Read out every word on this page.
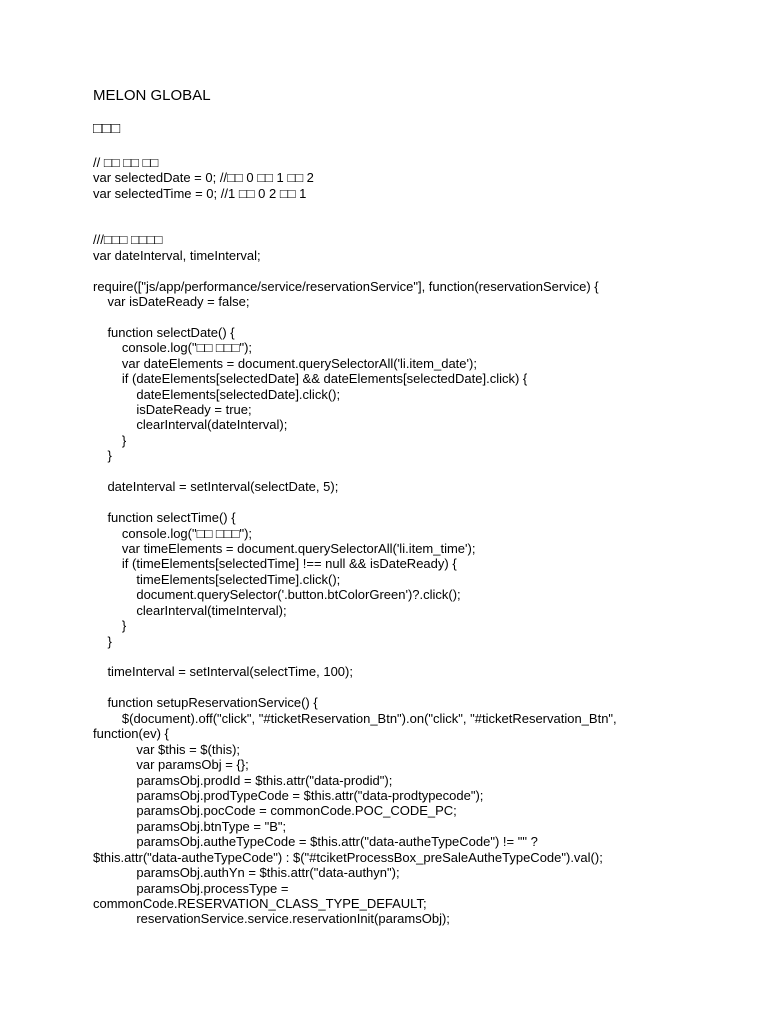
MELON GLOBAL
□□□
// □□ □□ □□
var selectedDate = 0; //□□ 0 □□ 1 □□ 2
var selectedTime = 0; //1 □□ 0 2 □□ 1
///□□□ □□□□
var dateInterval, timeInterval;
require(["js/app/performance/service/reservationService"], function(reservationService) {
var isDateReady = false;
function selectDate() {
console.log("□□ □□□");
var dateElements = document.querySelectorAll('li.item_date');
if (dateElements[selectedDate] && dateElements[selectedDate].click) {
dateElements[selectedDate].click();
isDateReady = true;
clearInterval(dateInterval);
}
}
dateInterval = setInterval(selectDate, 5);
function selectTime() {
console.log("□□ □□□");
var timeElements = document.querySelectorAll('li.item_time');
if (timeElements[selectedTime] !== null && isDateReady) {
timeElements[selectedTime].click();
document.querySelector('.button.btColorGreen')?.click();
clearInterval(timeInterval);
}
}
timeInterval = setInterval(selectTime, 100);
function setupReservationService() {
$(document).off("click", "#ticketReservation_Btn").on("click", "#ticketReservation_Btn",
function(ev) {
var $this = $(this);
var paramsObj = {};
paramsObj.prodId = $this.attr("data-prodid");
paramsObj.prodTypeCode = $this.attr("data-prodtypecode");
paramsObj.pocCode = commonCode.POC_CODE_PC;
paramsObj.btnType = "B";
paramsObj.autheTypeCode = $this.attr("data-autheTypeCode") != "" ?
$this.attr("data-autheTypeCode") : $("#tciketProcessBox_preSaleAutheTypeCode").val();
paramsObj.authYn = $this.attr("data-authyn");
paramsObj.processType =
commonCode.RESERVATION_CLASS_TYPE_DEFAULT;
reservationService.service.reservationInit(paramsObj);
